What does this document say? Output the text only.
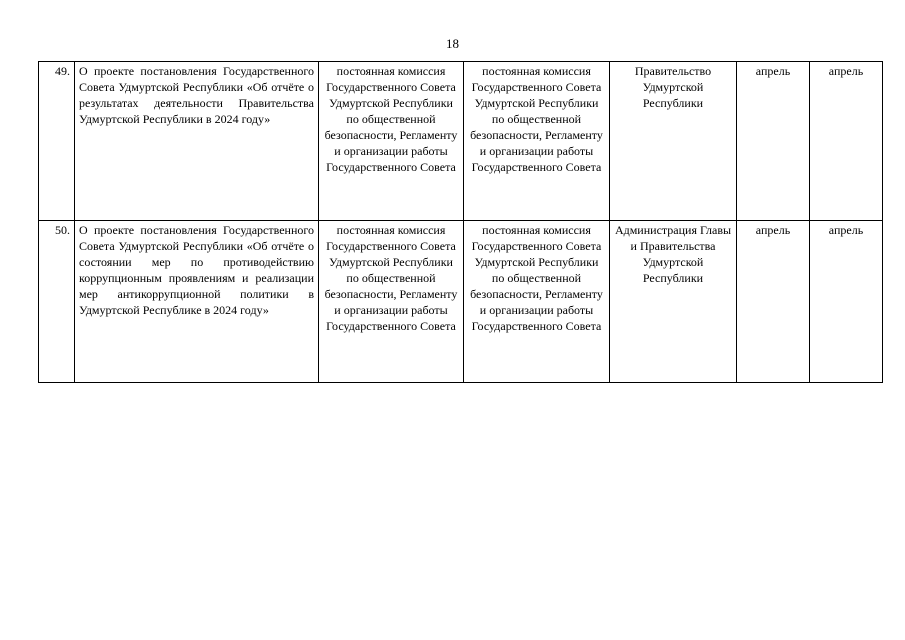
18
49.	О проекте постановления Государственного Совета Удмуртской Республики «Об отчёте о результатах деятельности Правительства Удмуртской Республики в 2024 году»	постоянная комиссия Государственного Совета Удмуртской Республики по общественной безопасности, Регламенту и организации работы Государственного Совета	постоянная комиссия Государственного Совета Удмуртской Республики по общественной безопасности, Регламенту и организации работы Государственного Совета	Правительство Удмуртской Республики	апрель	апрель
50.	О проекте постановления Государственного Совета Удмуртской Республики «Об отчёте о состоянии мер по противодействию коррупционным проявлениям и реализации мер антикоррупционной политики в Удмуртской Республике в 2024 году»	постоянная комиссия Государственного Совета Удмуртской Республики по общественной безопасности, Регламенту и организации работы Государственного Совета	постоянная комиссия Государственного Совета Удмуртской Республики по общественной безопасности, Регламенту и организации работы Государственного Совета	Администрация Главы и Правительства Удмуртской Республики	апрель	апрель
